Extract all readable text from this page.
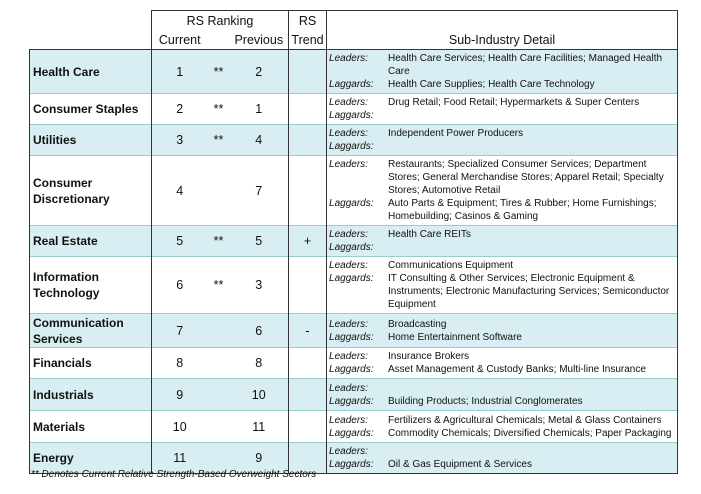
	RS Ranking			RS	
	Current		Previous	Trend	Sub-Industry Detail
Health Care	1	**	2		Leaders: Health Care Services; Health Care Facilities; Managed Health Care
Laggards: Health Care Supplies; Health Care Technology

Consumer Staples	2	**	1		Leaders: Drug Retail; Food Retail; Hypermarkets & Super Centers
Laggards:

Utilities	3	**	4		Leaders: Independent Power Producers
Laggards:

Consumer Discretionary	4		7		Leaders: Restaurants; Specialized Consumer Services; Department Stores; General Merchandise Stores; Apparel Retail; Specialty Stores; Automotive Retail
Laggards: Auto Parts & Equipment; Tires & Rubber; Home Furnishings; Homebuilding; Casinos & Gaming

Real Estate	5	**	5	+	Leaders: Health Care REITs
Laggards:

Information Technology	6	**	3		Leaders: Communications Equipment
Laggards: IT Consulting & Other Services; Electronic Equipment & Instruments; Electronic Manufacturing Services; Semiconductor Equipment

Communication Services	7		6	-	Leaders: Broadcasting
Laggards: Home Entertainment Software

Financials	8		8		Leaders: Insurance Brokers
Laggards: Asset Management & Custody Banks; Multi-line Insurance

Industrials	9		10		Leaders:
Laggards: Building Products; Industrial Conglomerates

Materials	10		11		Leaders: Fertilizers & Agricultural Chemicals; Metal & Glass Containers
Laggards: Commodity Chemicals; Diversified Chemicals; Paper Packaging

Energy	11		9		Leaders:
Laggards: Oil & Gas Equipment & Services
** Denotes Current Relative Strength-Based Overweight Sectors
